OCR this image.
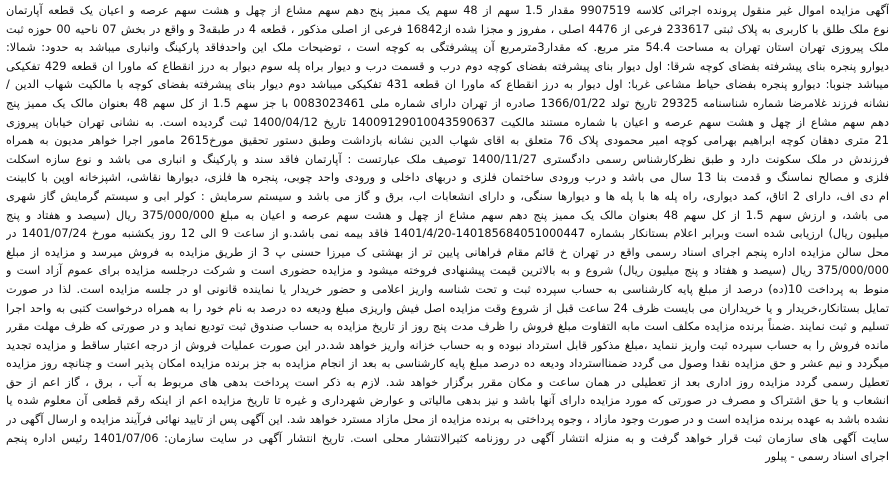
آگهی مزایده اموال غیر منقول پرونده اجرائی کلاسه 9907519 مقدار 1.5 سهم از 48 سهم یک ممیز پنج دهم سهم مشاع از چهل و هشت سهم عرصه و اعیان یک قطعه آپارتمان
نوع ملک طلق با کاربری به پلاک ثبتی 233617 فرعی از 4476 اصلی ، مفروز و مجزا شده از16842 فرعی از اصلی مذکور ، قطعه 4 در طبقه3 و واقع در بخش 07 ناحیه 00 حوزه ثبت
ملک پیروزی تهران استان تهران به مساحت 54.4 متر مربع. که مقدار3مترمربع آن پیشرفتگی به کوچه است ، توضیحات ملک این واحدفاقد پارکینگ وانباری میباشد به حدود: شمالا:
دیوارو پنجره بنای پیشرفته بفضای کوچه شرقا: اول دیوار بنای پیشرفته بفضای کوچه دوم درب و قسمت درب و دیوار براه پله سوم دیوار به درز انقطاع که ماورا ان قطعه 429 تفکیکی
میباشد جنوبا: دیوارو پنجره بفضای حیاط مشاعی غربا: اول دیوار به درز انقطاع که ماورا ان قطعه 431 تفکیکی میباشد دوم دیوار بنای پیشرفته بفضای کوچه با مالکیت شهاب الدین /
نشانه فرزند غلامرضا شماره شناسنامه 29325 تاریخ تولد 1366/01/22 صادره از تهران دارای شماره ملی 0083023461 با جز سهم 1.5 از کل سهم 48 بعنوان مالک یک ممیز پنج
دهم سهم مشاع از چهل و هشت سهم عرصه و اعیان با شماره مستند مالکیت 140091290100435906​37 تاریخ 1400/04/12 ثبت گردیده است. به نشانی تهران خیابان پیروزی
21 متری دهقان کوچه ابراهیم بهرامی کوچه امیر محمودی پلاک 76 متعلق به اقای شهاب الدین نشانه بازداشت وطبق دستور تحقیق مورخ2615 مامور اجرا خواهر مدیون به همراه
فرزندش در ملک سکونت دارد و طبق نظرکارشناس رسمی دادگستری 1400/11/27 توصیف ملک عبارتست : آپارتمان فاقد سند و پارکینگ و انباری می باشد و نوع سازه اسکلت
فلزی و مصالح نماسنگ و قدمت بنا 13 سال می باشد و درب ورودی ساختمان فلزی و دربهای داخلی و ورودی واحد چوبی، پنجره ها فلزی، دیوارها نقاشی، اشپزخانه اوپن با کابینت
ام دی اف، دارای 2 اتاق، کمد دیواری، راه پله ها با پله ها و دیوارها سنگی، و دارای انشعابات اب، برق و گاز می باشد و سیستم سرمایش : کولر ابی و سیستم گرمایش گاز شهری
می باشد، و ارزش سهم 1.5 از کل سهم 48 بعنوان مالک یک ممیز پنج دهم سهم مشاع از چهل و هشت سهم عرصه و اعیان به مبلغ 375/000/000 ریال (سیصد و هفتاد و پنج
میلیون ریال) ارزیابی شده است وبرابر اعلام بستانکار بشماره 140185684051000447-1401/4/20 فاقد بیمه نمی باشد.و از ساعت 9 الی 12 روز یکشنبه مورخ 1401/07/24 در
محل سالن مزایده اداره پنجم اجرای اسناد رسمی واقع در تهران خ قائم مقام فراهانی پایین تر از بهشتی ک میرزا حسنی پ 3 از طریق مزایده به فروش میرسد و مزایده از مبلغ
375/000/000 ریال (سیصد و هفتاد و پنج میلیون ریال) شروع و به بالاترین قیمت پیشنهادی فروخته میشود و مزایده حضوری است و شرکت درجلسه مزایده برای عموم آزاد است و
منوط به پرداخت 10(ده) درصد از مبلغ پایه کارشناسی به حساب سپرده ثبت و تحت شناسه واریز اعلامی و حضور خریدار یا نماینده قانونی او در جلسه مزایده است. لذا در صورت
تمایل بستانکار،خریدار و یا خریداران می بایست ظرف 24 ساعت قبل از شروع وقت مزایده اصل فیش واریزی مبلغ ودیعه ده درصد به نام خود را به همراه درخواست کتبی به واحد اجرا
تسلیم و ثبت نمایند .ضمناً برنده مزایده مکلف است مابه التفاوت مبلغ فروش را ظرف مدت پنج روز از تاریخ مزایده به حساب صندوق ثبت تودیع نماید و در صورتی که ظرف مهلت مقرر
مانده فروش را به حساب سپرده ثبت واریز ننماید ،مبلغ مذکور قابل استرداد نبوده و به حساب خزانه واریز خواهد شد.در این صورت عملیات فروش از درجه اعتبار ساقط و مزایده تجدید
میگردد و نیم عشر و حق مزایده نقدا وصول می گردد ضمنااسترداد ودیعه ده درصد مبلغ پایه کارشناسی به بعد از انجام مزایده به جز برنده مزایده امکان پذیر است و چنانچه روز مزایده
تعطیل رسمی گردد مزایده روز اداری بعد از تعطیلی در همان ساعت و مکان مقرر برگزار خواهد شد. لازم به ذکر است پرداخت بدهی های مربوط به آب ، برق ، گاز اعم از حق
انشعاب و یا حق اشتراک و مصرف در صورتی که مورد مزایده دارای آنها باشد و نیز بدهی مالیاتی و عوارض شهرداری و غیره تا تاریخ مزایده اعم از اینکه رقم قطعی آن معلوم شده یا
نشده باشد به عهده برنده مزایده است و در صورت وجود مازاد ، وجوه پرداختی به برنده مزایده از محل مازاد مسترد خواهد شد. این آگهی پس از تایید نهائی فرآیند مزایده و ارسال آگهی در
سایت آگهی های سازمان ثبت قرار خواهد گرفت و به منزله انتشار آگهی در روزنامه کثیرالانتشار محلی است. تاریخ انتشار آگهی در سایت سازمان: 1401/07/06 رئیس اداره پنجم
اجرای اسناد رسمی - پیلور
